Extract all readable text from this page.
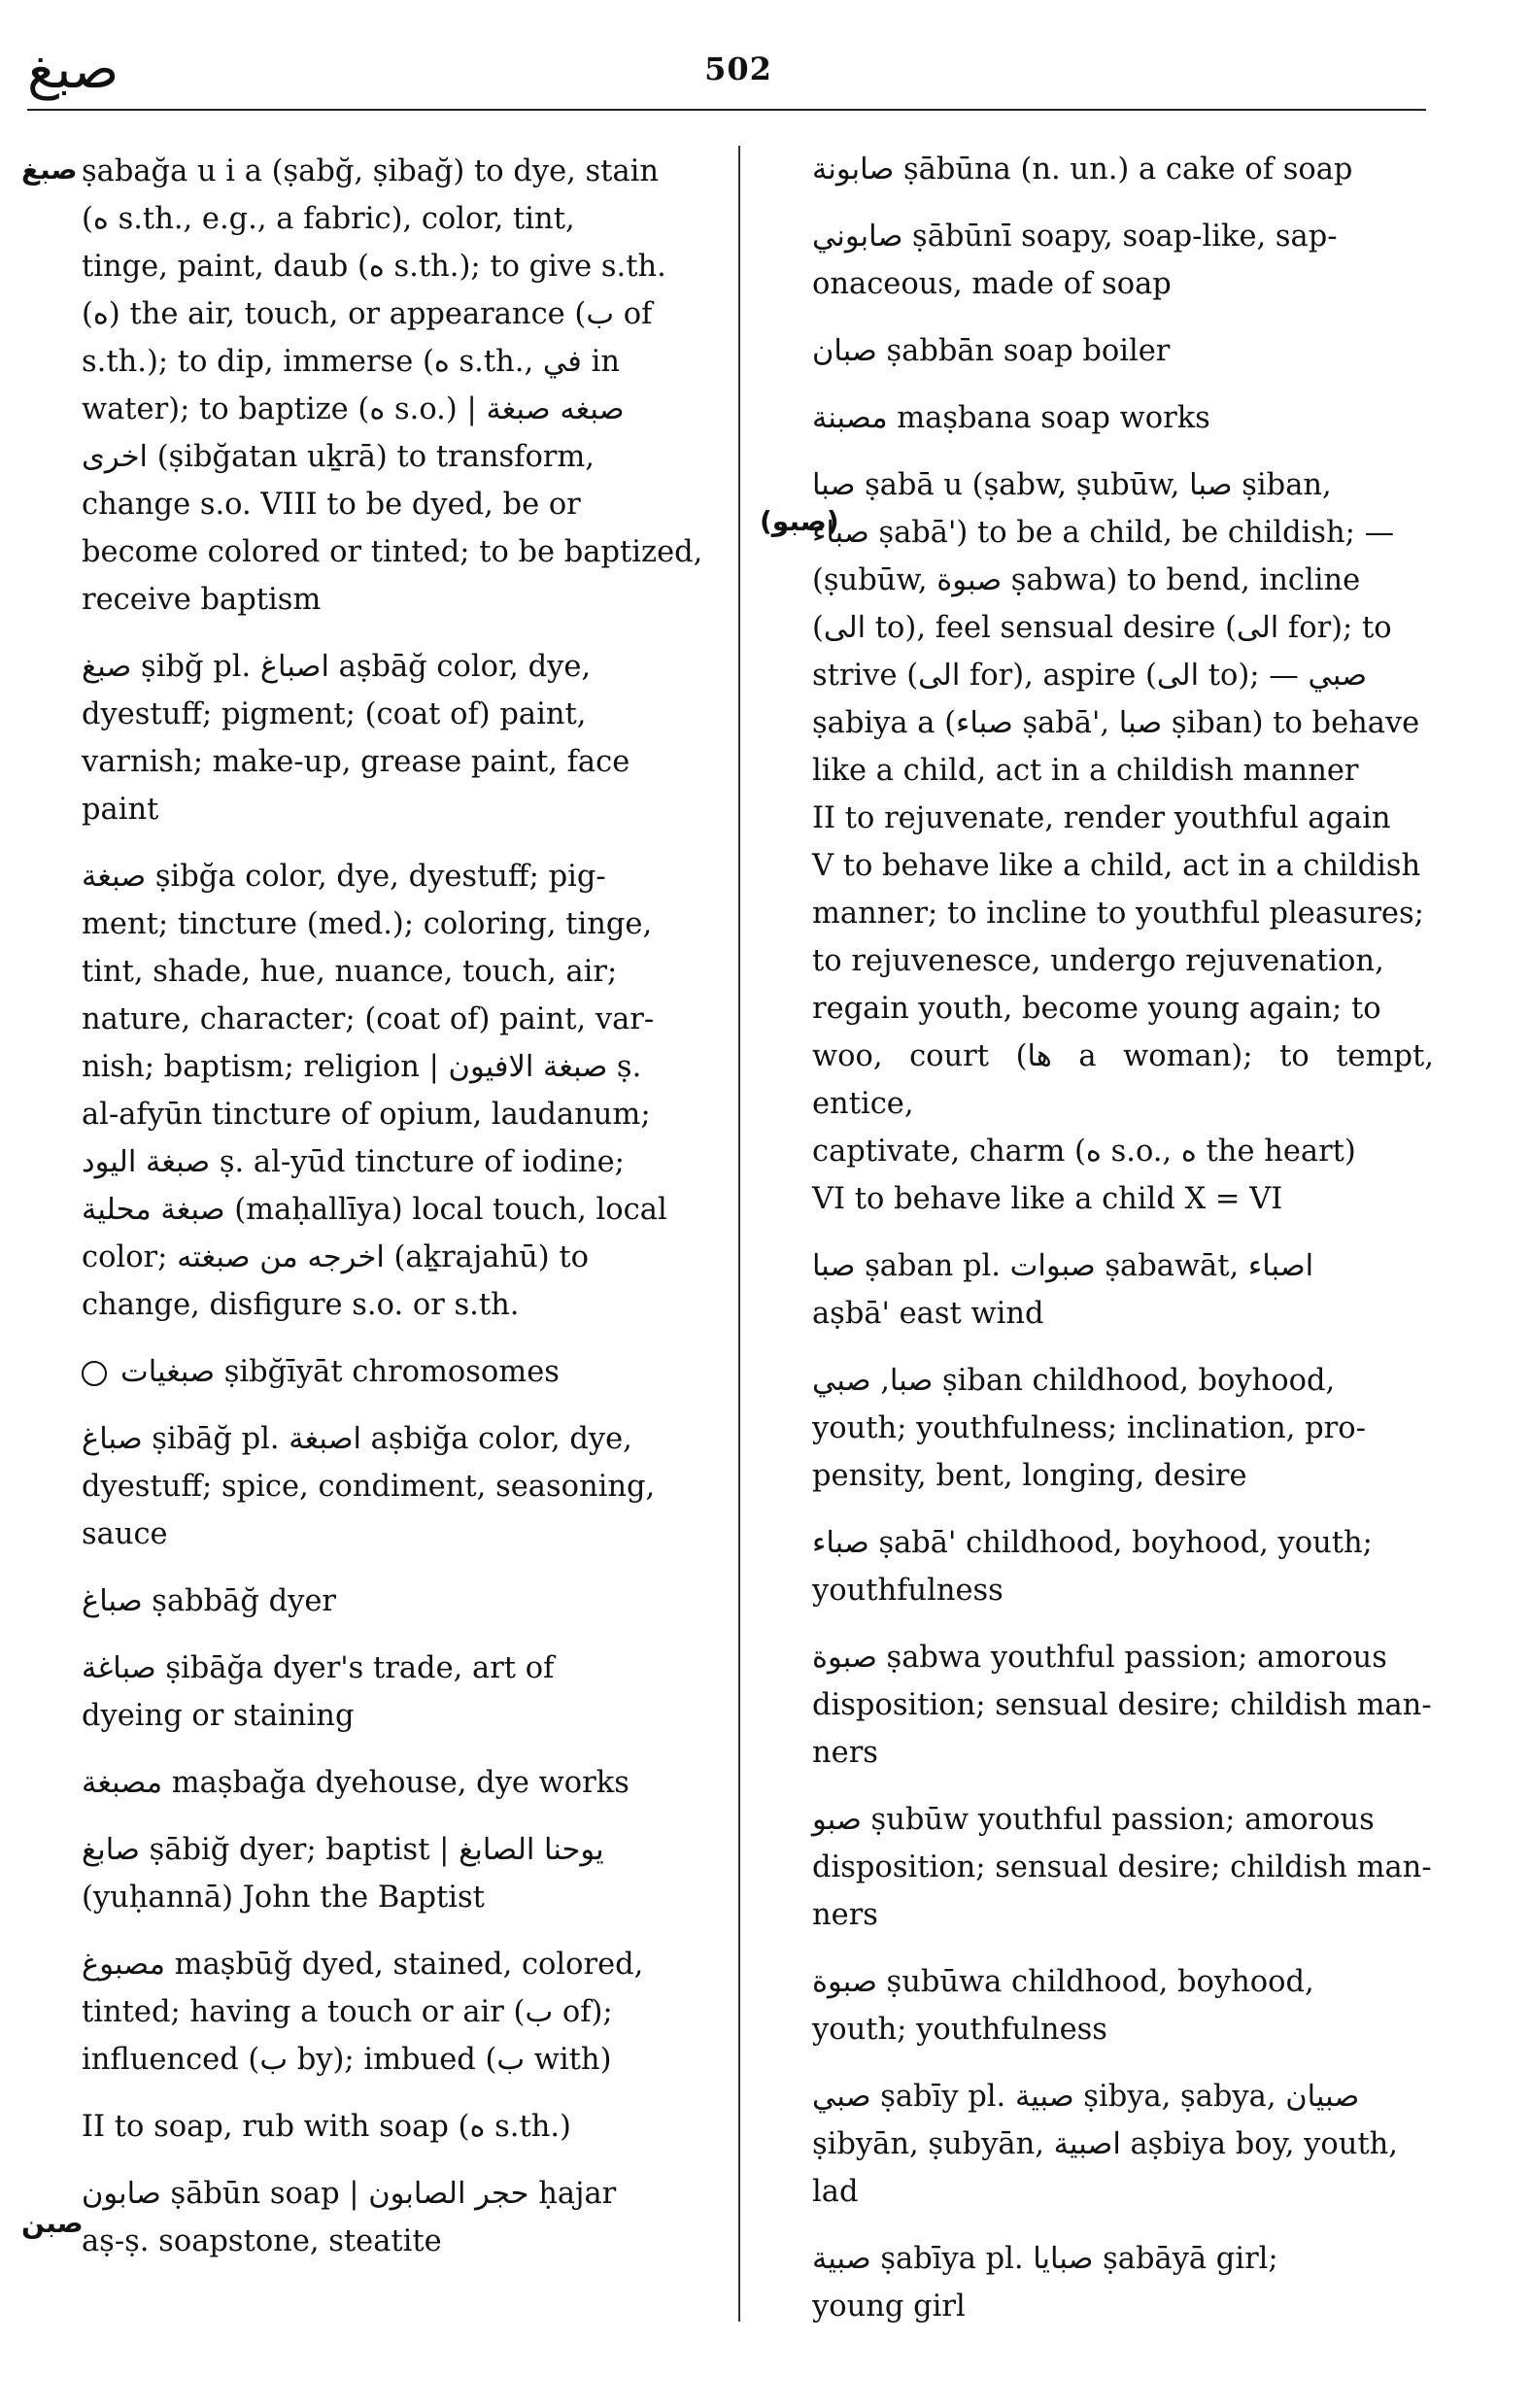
صبغ	502
صبغ
صبن
(صبو)
ṣabağa u i a (ṣabğ, ṣibağ) to dye, stain
(ه s.th., e.g., a fabric), color, tint,
tinge, paint, daub (ه s.th.); to give s.th.
(ه) the air, touch, or appearance (ب of
s.th.); to dip, immerse (ه s.th., في in
water); to baptize (ه s.o.) | صبغه صبغة
اخرى (ṣibğatan uḵrā) to transform,
change s.o. VIII to be dyed, be or
become colored or tinted; to be baptized,
receive baptism
صبغ ṣibğ pl. اصباغ aṣbāğ color, dye,
dyestuff; pigment; (coat of) paint,
varnish; make-up, grease paint, face
paint
صبغة ṣibğa color, dye, dyestuff; pig-
ment; tincture (med.); coloring, tinge,
tint, shade, hue, nuance, touch, air;
nature, character; (coat of) paint, var-
nish; baptism; religion | صبغة الافيون ṣ.
al-afyūn tincture of opium, laudanum;
صبغة اليود ṣ. al-yūd tincture of iodine;
صبغة محلية (maḥallīya) local touch, local
color; اخرجه من صبغته (aḵrajahū) to
change, disfigure s.o. or s.th.
صبغيات ṣibğīyāt chromosomes
صباغ ṣibāğ pl. اصبغة aṣbiğa color, dye,
dyestuff; spice, condiment, seasoning,
sauce
صباغ ṣabbāğ dyer
صباغة ṣibāğa dyer's trade, art of
dyeing or staining
مصبغة maṣbağa dyehouse, dye works
صابغ ṣābiğ dyer; baptist | يوحنا الصابغ
(yuḥannā) John the Baptist
مصبوغ maṣbūğ dyed, stained, colored,
tinted; having a touch or air (ب of);
influenced (ب by); imbued (ب with)
II to soap, rub with soap (ه s.th.)
صابون ṣābūn soap | حجر الصابون ḥajar
aṣ-ṣ. soapstone, steatite
صابونة ṣābūna (n. un.) a cake of soap
صابوني ṣābūnī soapy, soap-like, sap-
onaceous, made of soap
صبان ṣabbān soap boiler
مصبنة maṣbana soap works
صبا ṣabā u (ṣabw, ṣubūw, صبا ṣiban,
صباء ṣabā') to be a child, be childish; —
(ṣubūw, صبوة ṣabwa) to bend, incline
(الى to), feel sensual desire (الى for); to
strive (الى for), aspire (الى to); — صبي
ṣabiya a (صباء ṣabā', صبا ṣiban) to behave
like a child, act in a childish manner
II to rejuvenate, render youthful again
V to behave like a child, act in a childish
manner; to incline to youthful pleasures;
to rejuvenesce, undergo rejuvenation,
regain youth, become young again; to
woo, court (ها a woman); to tempt, entice,
captivate, charm (ه s.o., ه the heart)
VI to behave like a child X = VI
صبا ṣaban pl. صبوات ṣabawāt, اصباء
aṣbā' east wind
صبا, صبي ṣiban childhood, boyhood,
youth; youthfulness; inclination, pro-
pensity, bent, longing, desire
صباء ṣabā' childhood, boyhood, youth;
youthfulness
صبوة ṣabwa youthful passion; amorous
disposition; sensual desire; childish man-
ners
صبو ṣubūw youthful passion; amorous
disposition; sensual desire; childish man-
ners
صبوة ṣubūwa childhood, boyhood,
youth; youthfulness
صبي ṣabīy pl. صبية ṣibya, ṣabya, صبيان
ṣibyān, ṣubyān, اصبية aṣbiya boy, youth,
lad
صبية ṣabīya pl. صبايا ṣabāyā girl;
young girl
